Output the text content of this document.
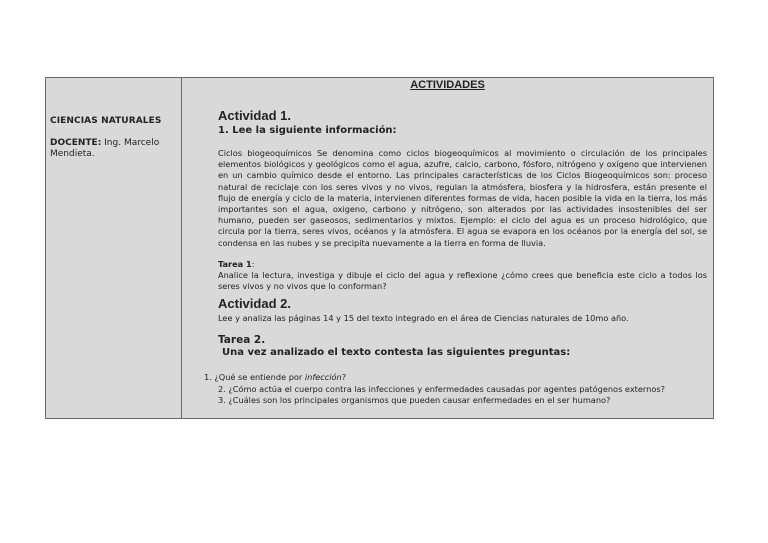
CIENCIAS NATURALES
DOCENTE: Ing. Marcelo Mendieta.
ACTIVIDADES
Actividad 1.
1. Lee la siguiente información:
Ciclos biogeoquímicos Se denomina como ciclos biogeoquímicos al movimiento o circulación de los principales elementos biológicos y geológicos como el agua, azufre, calcio, carbono, fósforo, nitrógeno y oxígeno que intervienen en un cambio químico desde el entorno. Las principales características de los Ciclos Biogeoquímicos son: proceso natural de reciclaje con los seres vivos y no vivos, regulan la atmósfera, biosfera y la hidrosfera, están presente el flujo de energía y ciclo de la materia, intervienen diferentes formas de vida, hacen posible la vida en la tierra, los más importantes son el agua, oxigeno, carbono y nitrógeno, son alterados por las actividades insostenibles del ser humano, pueden ser gaseosos, sedimentarios y mixtos. Ejemplo: el ciclo del agua es un proceso hidrológico, que circula por la tierra, seres vivos, océanos y la atmósfera. El agua se evapora en los océanos por la energía del sol, se condensa en las nubes y se precipita nuevamente a la tierra en forma de lluvia.
Tarea 1:
Analice la lectura, investiga y dibuje el ciclo del agua y reflexione ¿cómo crees que beneficia este ciclo a todos los seres vivos y no vivos que lo conforman?
Actividad 2.
Lee y analiza las páginas 14 y 15 del texto integrado en el área de Ciencias naturales de 10mo año.
Tarea 2.
Una vez analizado el texto contesta las siguientes preguntas:
1. ¿Qué se entiende por infección?
2. ¿Cómo actúa el cuerpo contra las infecciones y enfermedades causadas por agentes patógenos externos?
3. ¿Cuáles son los principales organismos que pueden causar enfermedades en el ser humano?
